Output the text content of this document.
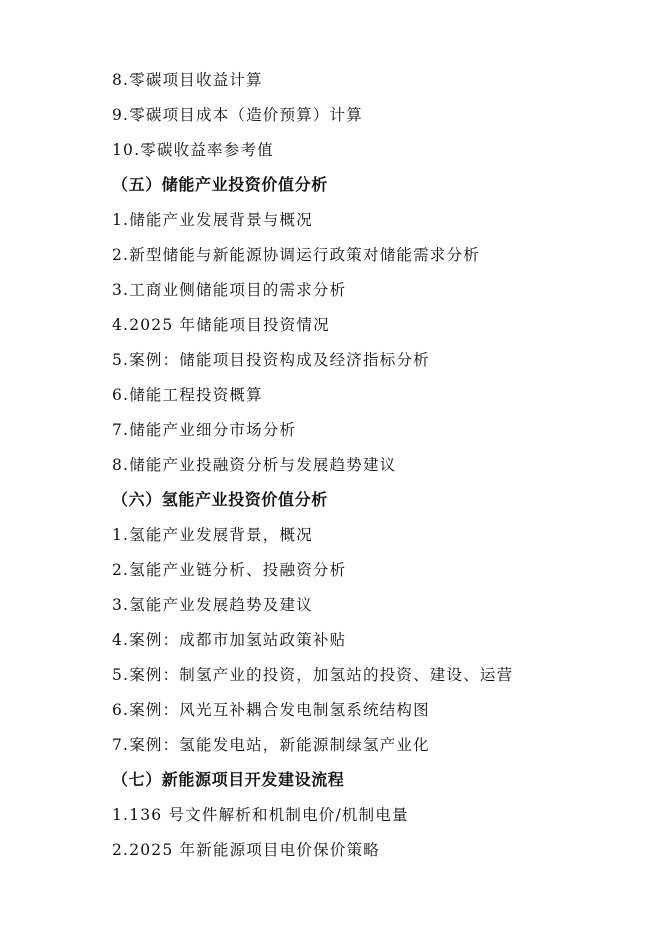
8.零碳项目收益计算
9.零碳项目成本（造价预算）计算
10.零碳收益率参考值
（五）储能产业投资价值分析
1.储能产业发展背景与概况
2.新型储能与新能源协调运行政策对储能需求分析
3.工商业侧储能项目的需求分析
4.2025 年储能项目投资情况
5.案例：储能项目投资构成及经济指标分析
6.储能工程投资概算
7.储能产业细分市场分析
8.储能产业投融资分析与发展趋势建议
（六）氢能产业投资价值分析
1.氢能产业发展背景，概况
2.氢能产业链分析、投融资分析
3.氢能产业发展趋势及建议
4.案例：成都市加氢站政策补贴
5.案例：制氢产业的投资，加氢站的投资、建设、运营
6.案例：风光互补耦合发电制氢系统结构图
7.案例：氢能发电站，新能源制绿氢产业化
（七）新能源项目开发建设流程
1.136 号文件解析和机制电价/机制电量
2.2025 年新能源项目电价保价策略
